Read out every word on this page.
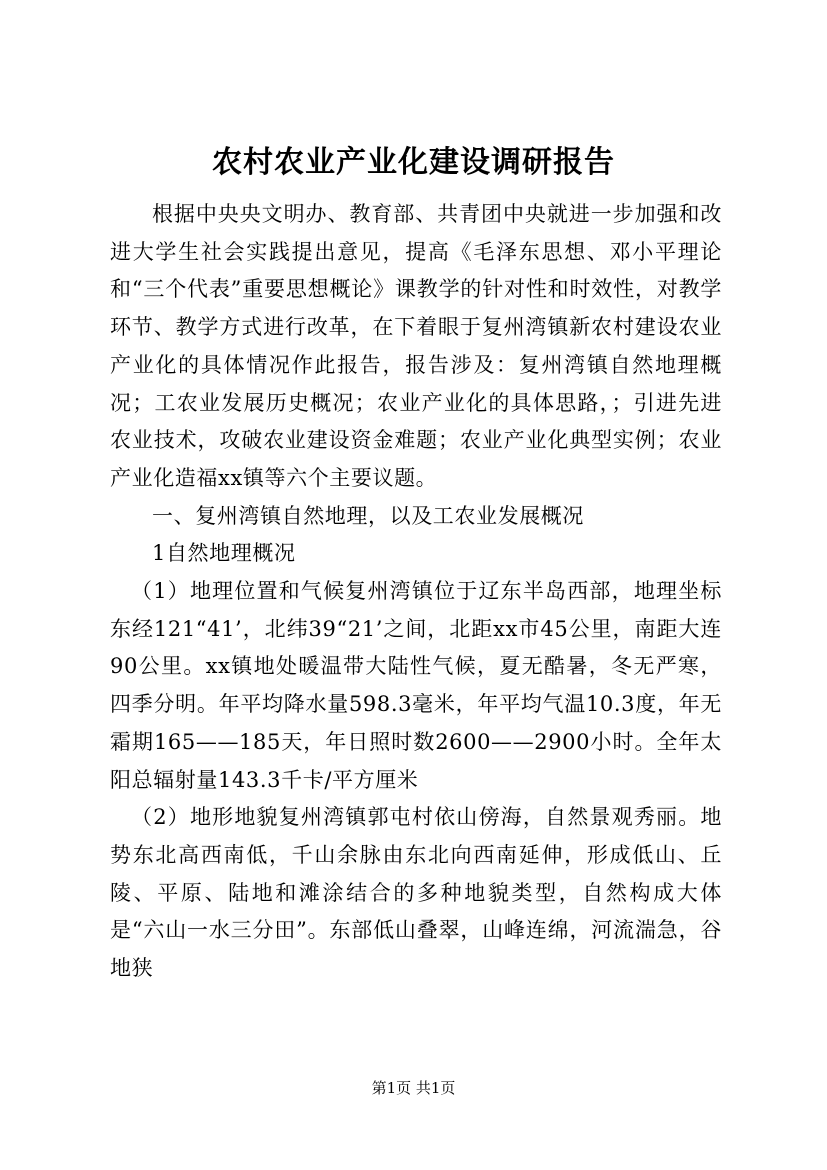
农村农业产业化建设调研报告

根据中央央文明办、教育部、共青团中央就进一步加强和改进大学生社会实践提出意见，提高《毛泽东思想、邓小平理论和“三个代表”重要思想概论》课教学的针对性和时效性，对教学环节、教学方式进行改革，在下着眼于复州湾镇新农村建设农业产业化的具体情况作此报告，报告涉及：复州湾镇自然地理概况；工农业发展历史概况；农业产业化的具体思路，；引进先进农业技术，攻破农业建设资金难题；农业产业化典型实例；农业产业化造福xx镇等六个主要议题。

一、复州湾镇自然地理，以及工农业发展概况

1自然地理概况

（1）地理位置和气候复州湾镇位于辽东半岛西部，地理坐标东经121“41’，北纬39“21’之间，北距xx市45公里，南距大连90公里。xx镇地处暖温带大陆性气候，夏无酷暑，冬无严寒，四季分明。年平均降水量598.3毫米，年平均气温10.3度，年无霜期165——185天，年日照时数2600——2900小时。全年太阳总辐射量143.3千卡/平方厘米

（2）地形地貌复州湾镇郭屯村依山傍海，自然景观秀丽。地势东北高西南低，千山余脉由东北向西南延伸，形成低山、丘陵、平原、陆地和滩涂结合的多种地貌类型，自然构成大体是“六山一水三分田”。东部低山叠翠，山峰连绵，河流湍急，谷地狭

第1页 共1页
